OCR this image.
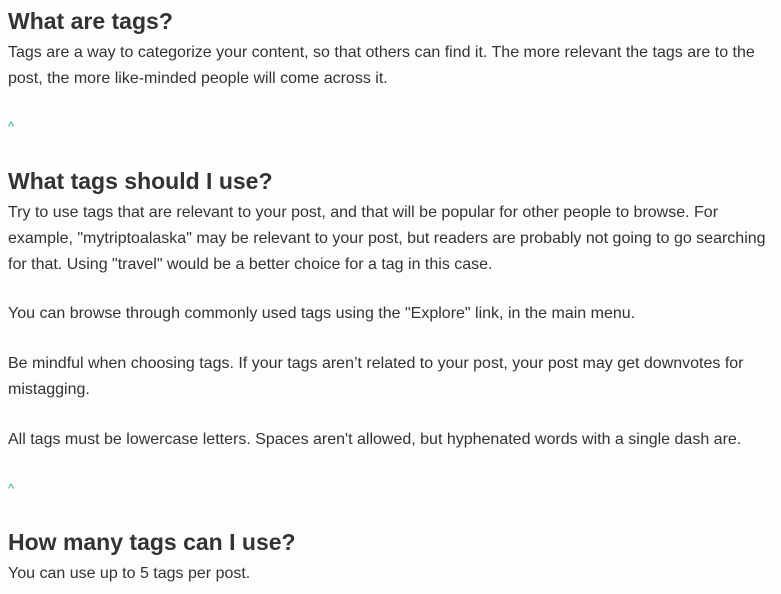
What are tags?

Tags are a way to categorize your content, so that others can find it. The more relevant the tags are to the post, the more like-minded people will come across it.

^
What tags should I use?

Try to use tags that are relevant to your post, and that will be popular for other people to browse. For example, "mytriptoalaska" may be relevant to your post, but readers are probably not going to go searching for that. Using "travel" would be a better choice for a tag in this case.

You can browse through commonly used tags using the "Explore" link, in the main menu.

Be mindful when choosing tags. If your tags aren’t related to your post, your post may get downvotes for mistagging.

All tags must be lowercase letters. Spaces aren't allowed, but hyphenated words with a single dash are.

^
How many tags can I use?

You can use up to 5 tags per post.
